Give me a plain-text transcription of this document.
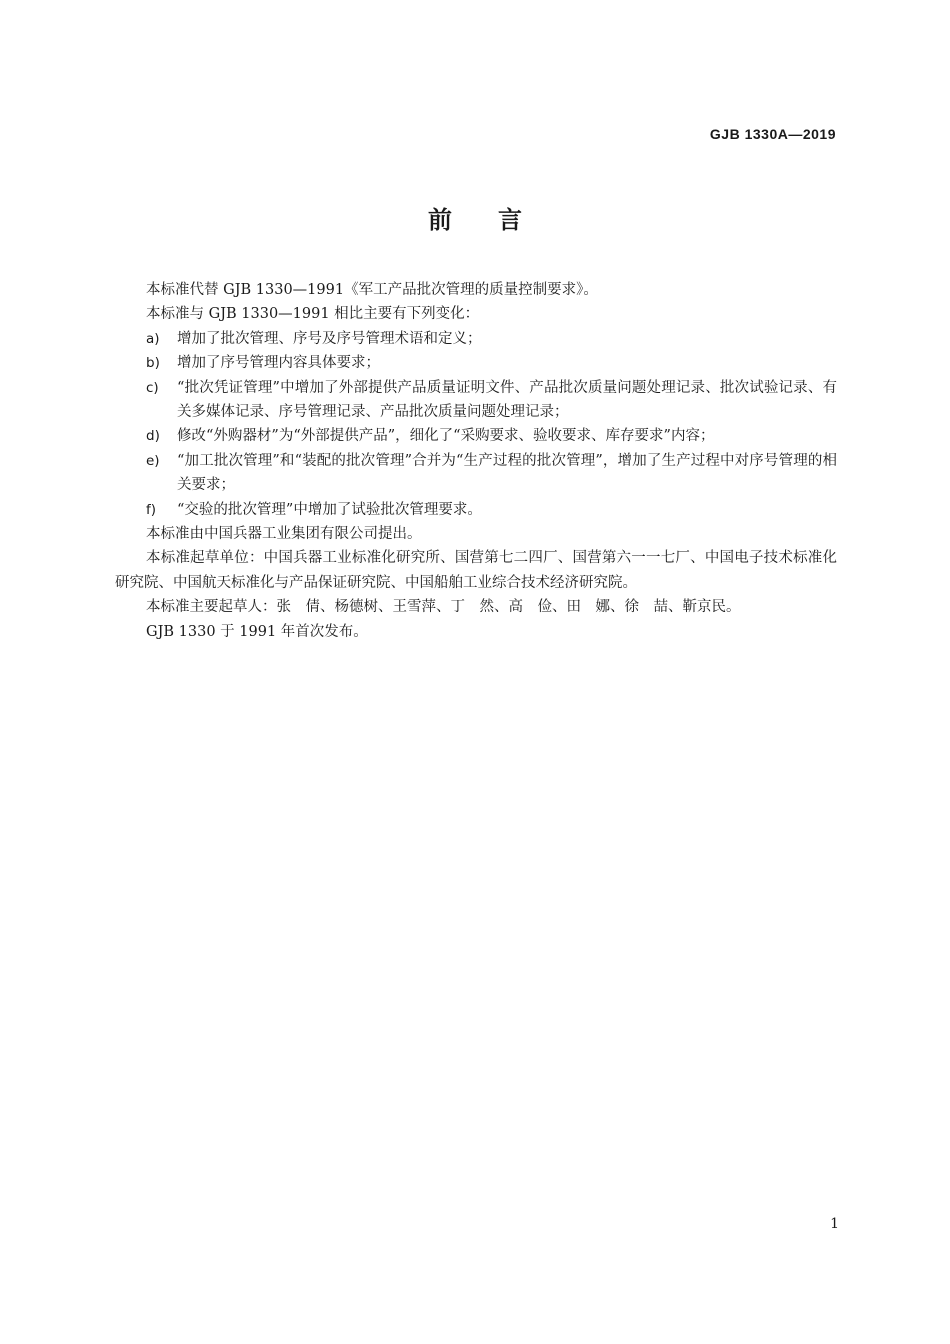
GJB 1330A—2019
前言

本标准代替 GJB 1330—1991《军工产品批次管理的质量控制要求》。

本标准与 GJB 1330—1991 相比主要有下列变化：

a)	增加了批次管理、序号及序号管理术语和定义；
b)	增加了序号管理内容具体要求；
c)	“批次凭证管理”中增加了外部提供产品质量证明文件、产品批次质量问题处理记录、批次试验记录、有关多媒体记录、序号管理记录、产品批次质量问题处理记录；
d)	修改“外购器材”为“外部提供产品”，细化了“采购要求、验收要求、库存要求”内容；
e)	“加工批次管理”和“装配的批次管理”合并为“生产过程的批次管理”，增加了生产过程中对序号管理的相关要求；
f)	“交验的批次管理”中增加了试验批次管理要求。

本标准由中国兵器工业集团有限公司提出。

本标准起草单位：中国兵器工业标准化研究所、国营第七二四厂、国营第六一一七厂、中国电子技术标准化研究院、中国航天标准化与产品保证研究院、中国船舶工业综合技术经济研究院。

本标准主要起草人：张　倩、杨德树、王雪萍、丁　然、高　俭、田　娜、徐　喆、靳京民。

GJB 1330 于 1991 年首次发布。

1
